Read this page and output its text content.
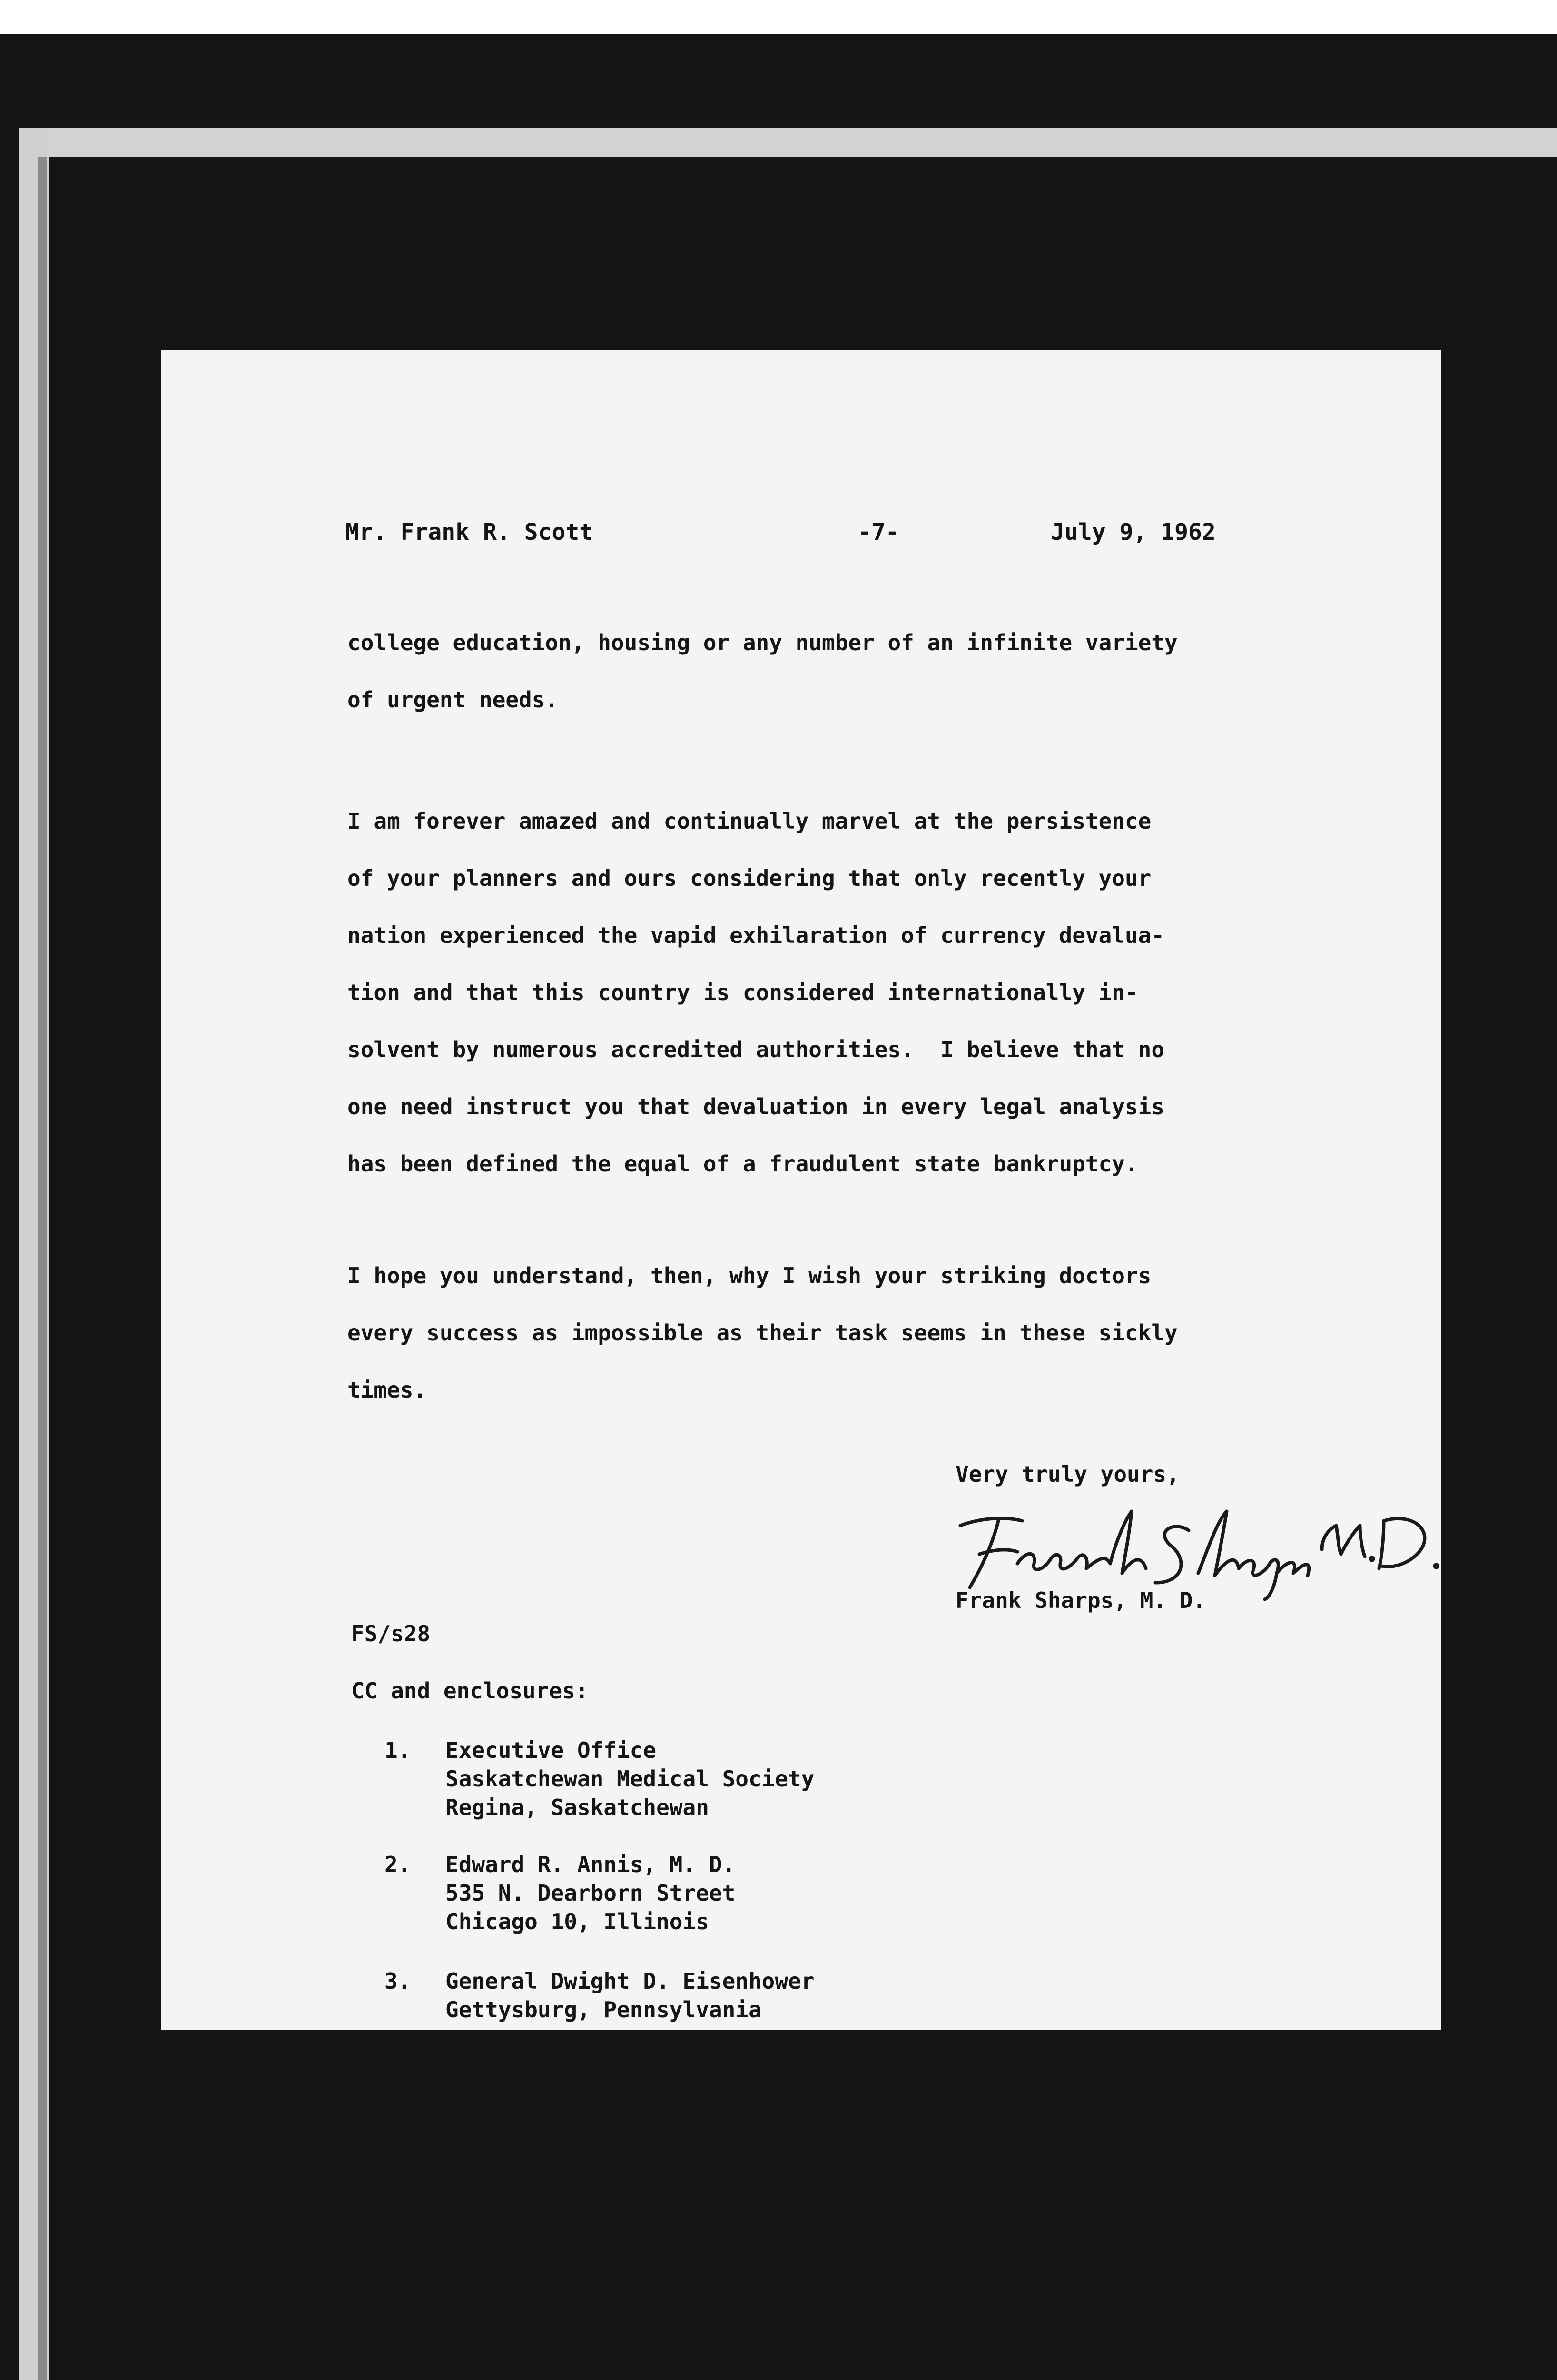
Mr. Frank R. Scott	-7-	July 9, 1962
college education, housing or any number of an infinite variety
of urgent needs.
I am forever amazed and continually marvel at the persistence
of your planners and ours considering that only recently your
nation experienced the vapid exhilaration of currency devalua-
tion and that this country is considered internationally in-
solvent by numerous accredited authorities.  I believe that no
one need instruct you that devaluation in every legal analysis
has been defined the equal of a fraudulent state bankruptcy.
I hope you understand, then, why I wish your striking doctors
every success as impossible as their task seems in these sickly
times.
Very truly yours,
Frank Sharps, M.D. Frank Sharps, M. D.
FS/s28
CC and enclosures:
1. Executive Office
Saskatchewan Medical Society
Regina, Saskatchewan
2. Edward R. Annis, M. D.
535 N. Dearborn Street
Chicago 10, Illinois
3. General Dwight D. Eisenhower
Gettysburg, Pennsylvania
